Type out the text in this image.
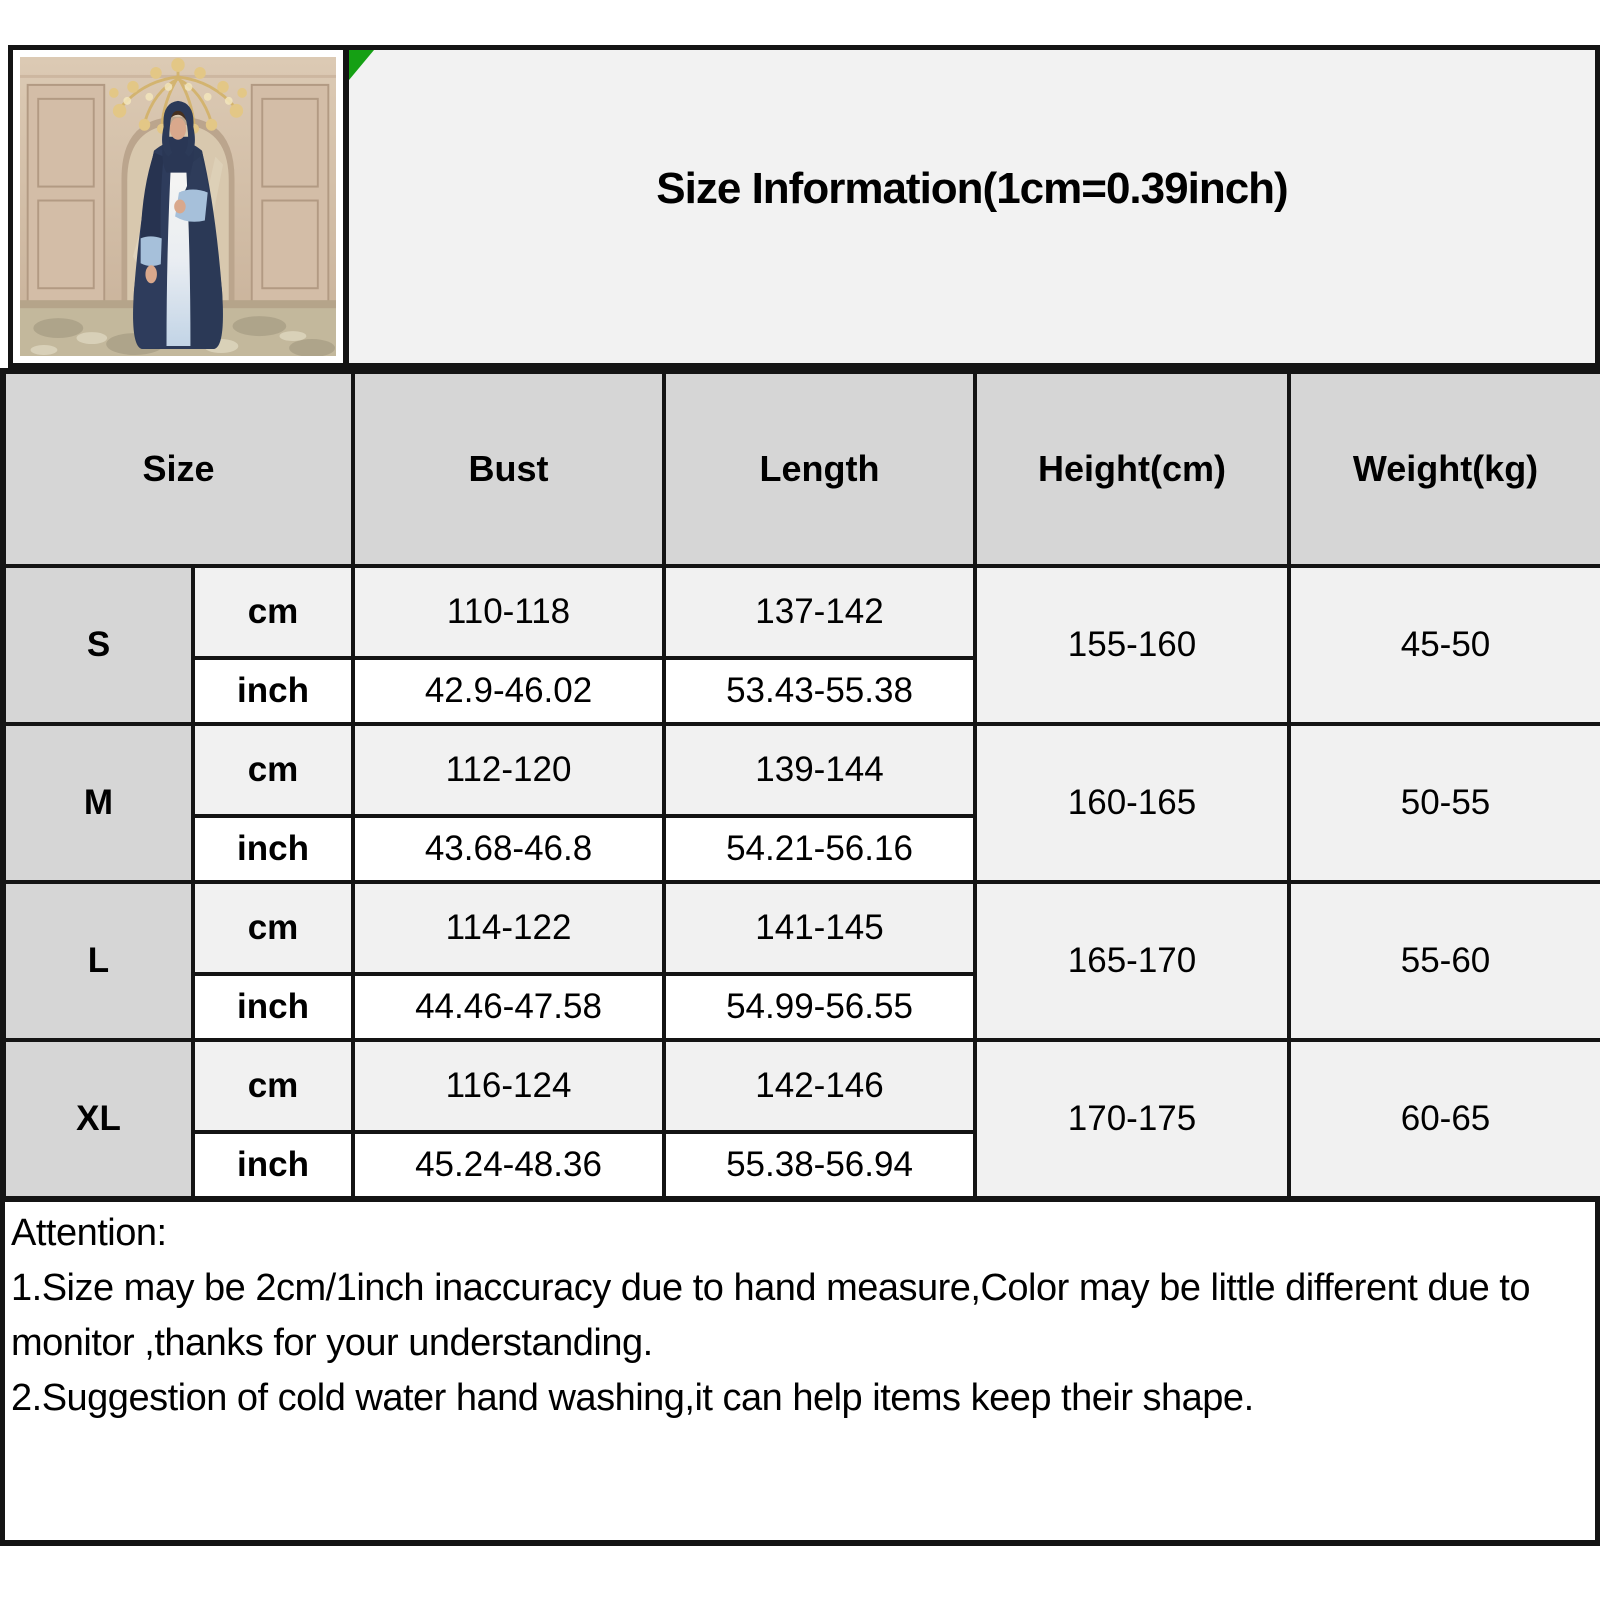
Size Information(1cm=0.39inch)
Size		Bust	Length	Height(cm)	Weight(kg)
S	cm	110-118	137-142	155-160	45-50
	inch	42.9-46.02	53.43-55.38		
M	cm	112-120	139-144	160-165	50-55
	inch	43.68-46.8	54.21-56.16		
L	cm	114-122	141-145	165-170	55-60
	inch	44.46-47.58	54.99-56.55		
XL	cm	116-124	142-146	170-175	60-65
	inch	45.24-48.36	55.38-56.94		

Attention:

1.Size may be 2cm/1inch inaccuracy due to hand measure,Color may be little different due to monitor ,thanks for your understanding.

2.Suggestion of cold water hand washing,it can help items keep their shape.
